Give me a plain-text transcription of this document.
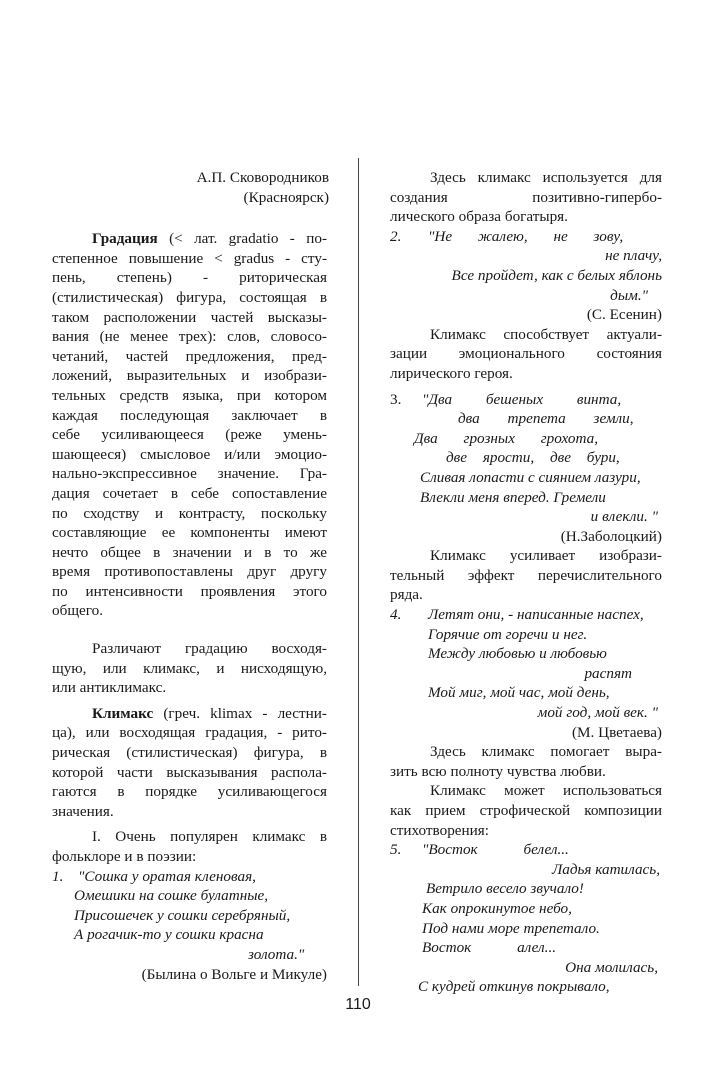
А.П. Сковородников

(Красноярск)

Градация (< лат. gradatio - по-

степенное повышение < gradus - сту-

пень, степень) - риторическая

(стилистическая) фигура, состоящая в

таком расположении частей высказы-

вания (не менее трех): слов, словосо-

четаний, частей предложения, пред-

ложений, выразительных и изобрази-

тельных средств языка, при котором

каждая последующая заключает в

себе усиливающееся (реже умень-

шающееся) смысловое и/или эмоцио-

нально-экспрессивное значение. Гра-

дация сочетает в себе сопоставление

по сходству и контрасту, поскольку

составляющие ее компоненты имеют

нечто общее в значении и в то же

время противопоставлены друг другу

по интенсивности проявления этого

общего.

Различают градацию восходя-

щую, или климакс, и нисходящую,

или антиклимакс.

Климакс (греч. klimax - лестни-

ца), или восходящая градация, - рито-

рическая (стилистическая) фигура, в

которой части высказывания распола-

гаются в порядке усиливающегося

значения.

I. Очень популярен климакс в

фольклоре и в поэзии:

1. "Сошка у оратая кленовая,

Омешики на сошке булатные,

Присошечек у сошки серебряный,

А рогачик-то у сошки красна

золота."

(Былина о Вольге и Микуле)

Здесь климакс используется для

создания позитивно-гипербо-

лического образа богатыря.

2.	"Не жалею, не зову,

не плачу,

Все пройдет, как с белых яблонь

дым."

(С. Есенин)

Климакс способствует актуали-

зации эмоционального состояния

лирического героя.

3.	"Два бешеных винта,

два трепета земли,

Два грозных грохота,

две ярости, две бури,

Сливая лопасти с сиянием лазури,

Влекли меня вперед. Гремели

и влекли. "

(Н.Заболоцкий)

Климакс усиливает изобрази-

тельный эффект перечислительного

ряда.

4.	Летят они, - написанные наспех,

Горячие от горечи и нег.

Между любовью и любовью

распят

Мой миг, мой час, мой день,

мой год, мой век. "

(М. Цветаева)

Здесь климакс помогает выра-

зить всю полноту чувства любви.

Климакс может использоваться

как прием строфической композиции

стихотворения:

5.	"Восток белел...

Ладья катилась,

Ветрило весело звучало!

Как опрокинутое небо,

Под нами море трепетало.

Восток алел...

Она молилась,

С кудрей откинув покрывало,

110
